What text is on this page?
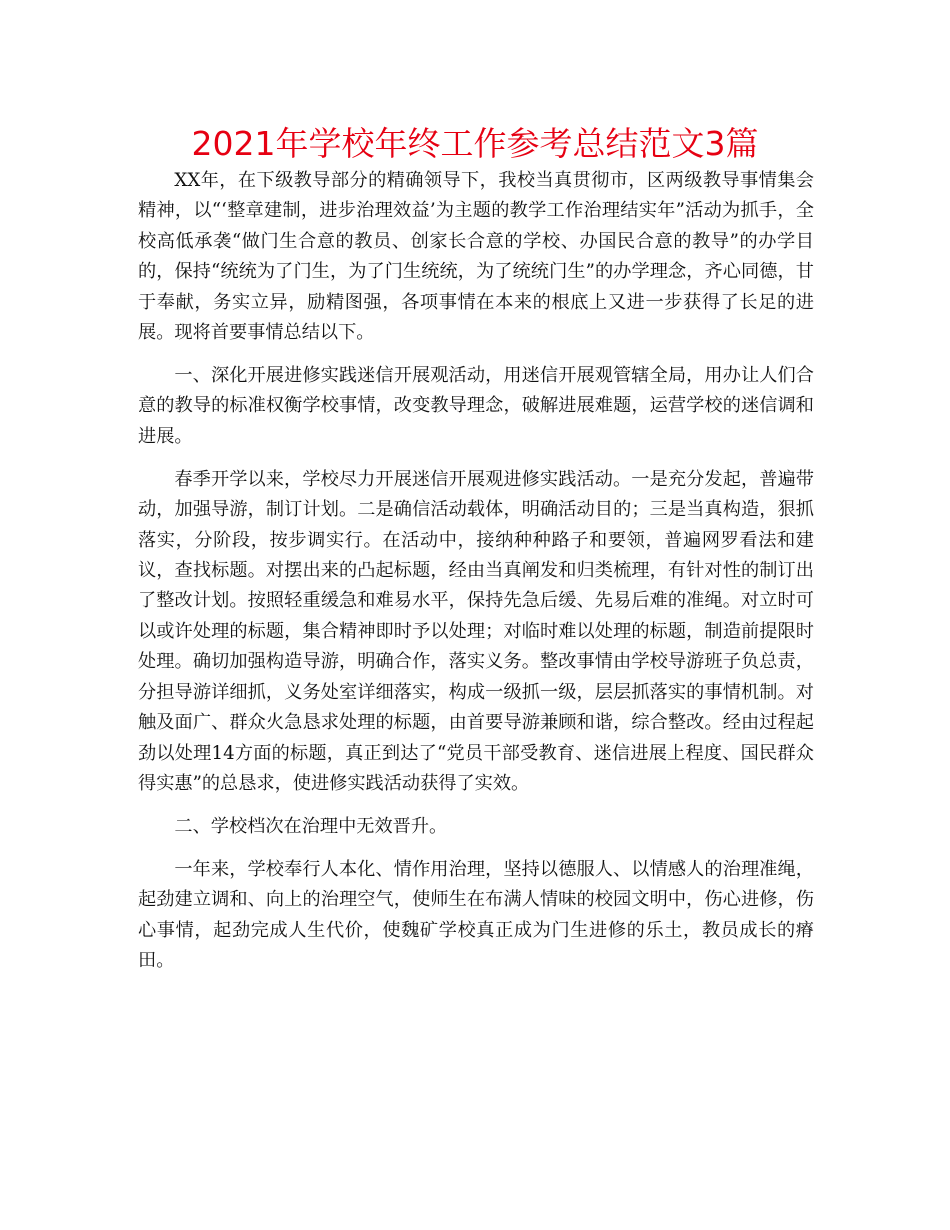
2021年学校年终工作参考总结范文3篇

XX年，在下级教导部分的精确领导下，我校当真贯彻市，区两级教导事情集会精神，以“‘整章建制，进步治理效益’为主题的教学工作治理结实年”活动为抓手，全校高低承袭“做门生合意的教员、创家长合意的学校、办国民合意的教导”的办学目的，保持“统统为了门生，为了门生统统，为了统统门生”的办学理念，齐心同德，甘于奉献，务实立异，励精图强，各项事情在本来的根底上又进一步获得了长足的进展。现将首要事情总结以下。

一、深化开展进修实践迷信开展观活动，用迷信开展观管辖全局，用办让人们合意的教导的标准权衡学校事情，改变教导理念，破解进展难题，运营学校的迷信调和进展。

春季开学以来，学校尽力开展迷信开展观进修实践活动。一是充分发起，普遍带动，加强导游，制订计划。二是确信活动载体，明确活动目的；三是当真构造，狠抓落实，分阶段，按步调实行。在活动中，接纳种种路子和要领，普遍网罗看法和建议，查找标题。对摆出来的凸起标题，经由当真阐发和归类梳理，有针对性的制订出了整改计划。按照轻重缓急和难易水平，保持先急后缓、先易后难的准绳。对立时可以或许处理的标题，集合精神即时予以处理；对临时难以处理的标题，制造前提限时处理。确切加强构造导游，明确合作，落实义务。整改事情由学校导游班子负总责，分担导游详细抓，义务处室详细落实，构成一级抓一级，层层抓落实的事情机制。对触及面广、群众火急恳求处理的标题，由首要导游兼顾和谐，综合整改。经由过程起劲以处理14方面的标题，真正到达了“党员干部受教育、迷信进展上程度、国民群众得实惠”的总恳求，使进修实践活动获得了实效。

二、学校档次在治理中无效晋升。

一年来，学校奉行人本化、情作用治理，坚持以德服人、以情感人的治理准绳，起劲建立调和、向上的治理空气，使师生在布满人情味的校园文明中，伤心进修，伤心事情，起劲完成人生代价，使魏矿学校真正成为门生进修的乐土，教员成长的瘠田。
